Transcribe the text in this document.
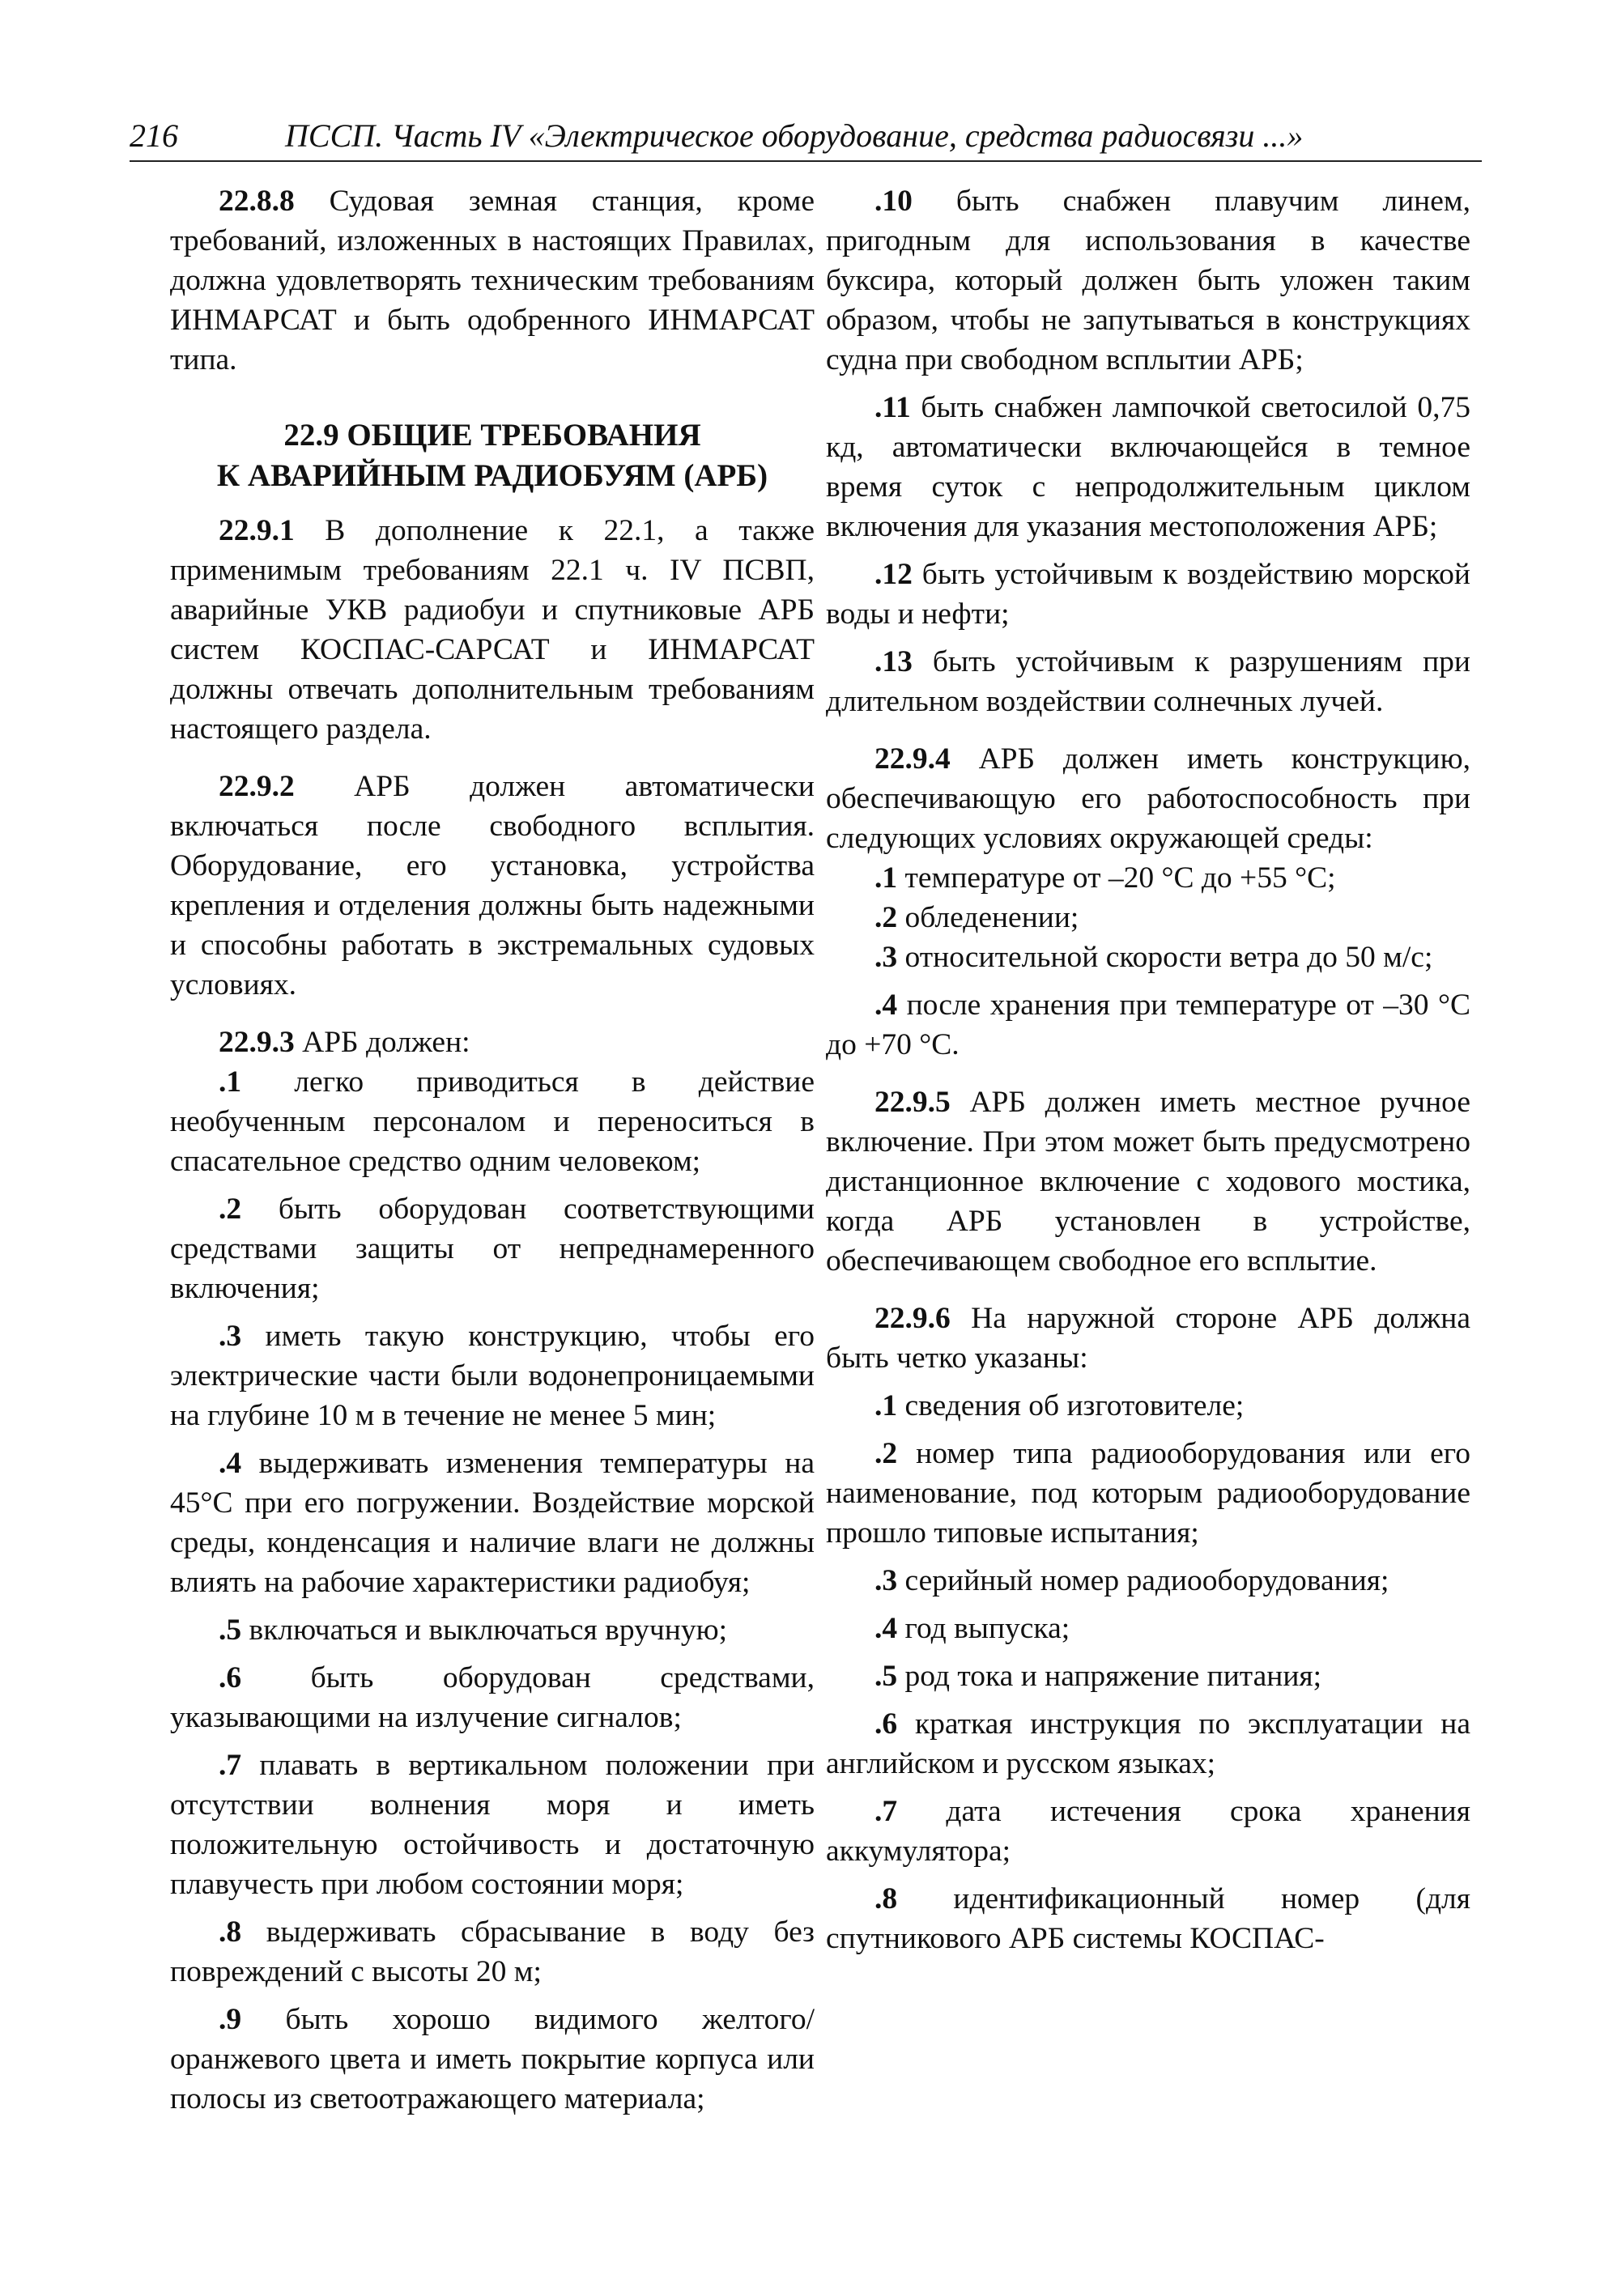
216	ПССП. Часть IV «Электрическое оборудование, средства радиосвязи ...»

22.8.8 Судовая земная станция, кроме требований, изложенных в настоящих Правилах, должна удовлетворять техническим требованиям ИНМАРСАТ и быть одобренного ИНМАРСАТ типа.

22.9 ОБЩИЕ ТРЕБОВАНИЯ
К АВАРИЙНЫМ РАДИОБУЯМ (АРБ)

22.9.1 В дополнение к 22.1, а также применимым требованиям 22.1 ч. IV ПСВП, аварийные УКВ радиобуи и спутниковые АРБ систем КОСПАС-САРСАТ и ИНМАРСАТ должны отвечать дополнительным требованиям настоящего раздела.

22.9.2 АРБ должен автоматически включаться после свободного всплытия. Оборудование, его установка, устройства крепления и отделения должны быть надежными и способны работать в экстремальных судовых условиях.

22.9.3 АРБ должен:

.1 легко приводиться в действие необученным персоналом и переноситься в спасательное средство одним человеком;

.2 быть оборудован соответствующими средствами защиты от непреднамеренного включения;

.3 иметь такую конструкцию, чтобы его электрические части были водонепроницаемыми на глубине 10 м в течение не менее 5 мин;

.4 выдерживать изменения температуры на 45°C при его погружении. Воздействие морской среды, конденсация и наличие влаги не должны влиять на рабочие характеристики радиобуя;

.5 включаться и выключаться вручную;

.6 быть оборудован средствами, указывающими на излучение сигналов;

.7 плавать в вертикальном положении при отсутствии волнения моря и иметь положительную остойчивость и достаточную плавучесть при любом состоянии моря;

.8 выдерживать сбрасывание в воду без повреждений с высоты 20 м;

.9 быть хорошо видимого желтого/оранжевого цвета и иметь покрытие корпуса или полосы из светоотражающего материала;

.10 быть снабжен плавучим линем, пригодным для использования в качестве буксира, который должен быть уложен таким образом, чтобы не запутываться в конструкциях судна при свободном всплытии АРБ;

.11 быть снабжен лампочкой светосилой 0,75 кд, автоматически включающейся в темное время суток с непродолжительным циклом включения для указания местоположения АРБ;

.12 быть устойчивым к воздействию морской воды и нефти;

.13 быть устойчивым к разрушениям при длительном воздействии солнечных лучей.

22.9.4 АРБ должен иметь конструкцию, обеспечивающую его работоспособность при следующих условиях окружающей среды:

.1 температуре от –20 °С до +55 °С;

.2 обледенении;

.3 относительной скорости ветра до 50 м/с;

.4 после хранения при температуре от –30 °С до +70 °С.

22.9.5 АРБ должен иметь местное ручное включение. При этом может быть предусмотрено дистанционное включение с ходового мостика, когда АРБ установлен в устройстве, обеспечивающем свободное его всплытие.

22.9.6 На наружной стороне АРБ должна быть четко указаны:

.1 сведения об изготовителе;

.2 номер типа радиооборудования или его наименование, под которым радиооборудование прошло типовые испытания;

.3 серийный номер радиооборудования;

.4 год выпуска;

.5 род тока и напряжение питания;

.6 краткая инструкция по эксплуатации на английском и русском языках;

.7 дата истечения срока хранения аккумулятора;

.8 идентификационный номер (для спутникового АРБ системы КОСПАС-
